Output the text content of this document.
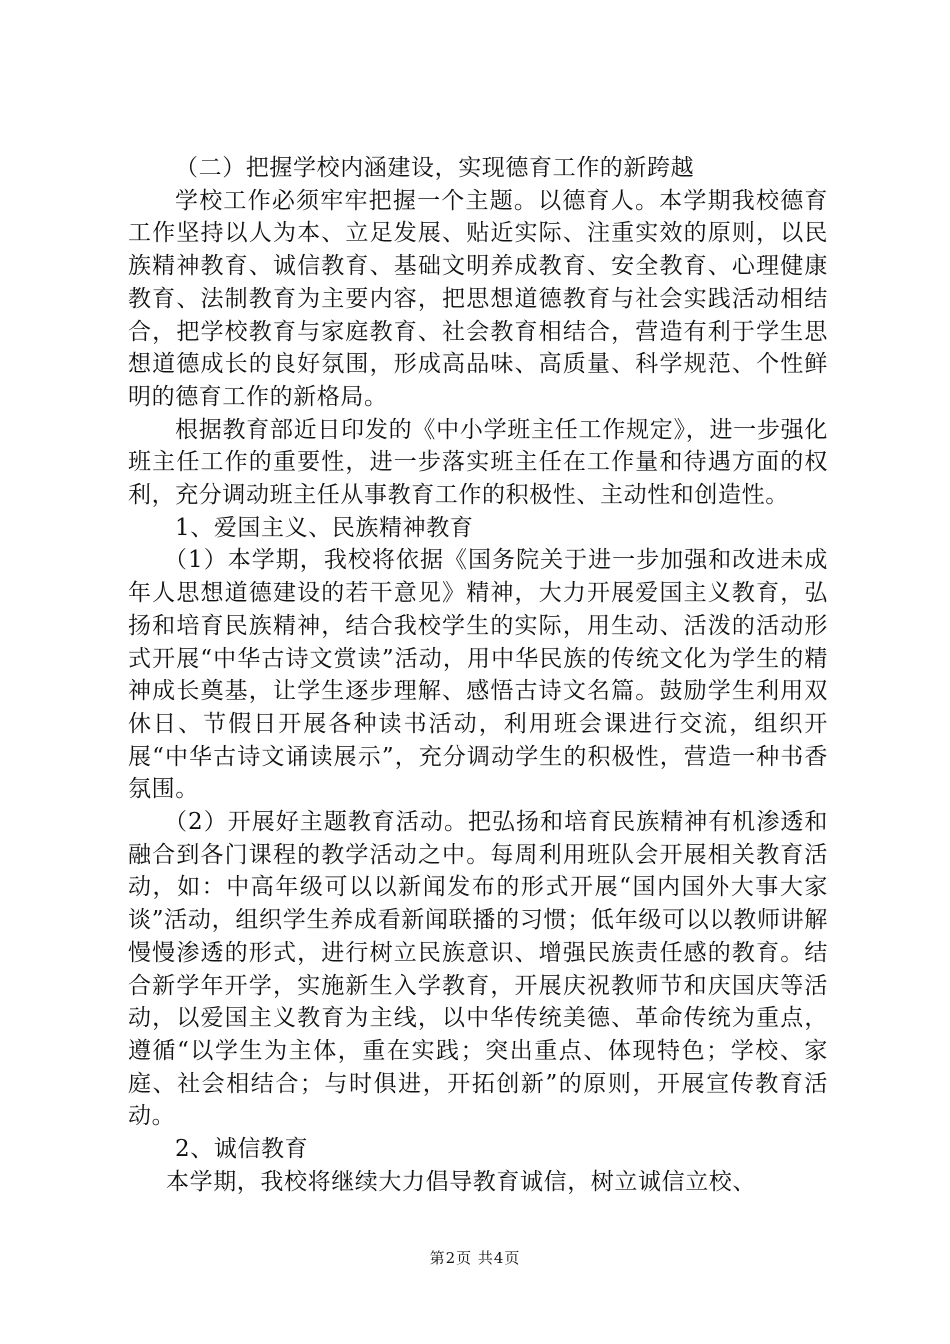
（二）把握学校内涵建设，实现德育工作的新跨越

学校工作必须牢牢把握一个主题。以德育人。本学期我校德育工作坚持以人为本、立足发展、贴近实际、注重实效的原则，以民族精神教育、诚信教育、基础文明养成教育、安全教育、心理健康教育、法制教育为主要内容，把思想道德教育与社会实践活动相结合，把学校教育与家庭教育、社会教育相结合，营造有利于学生思想道德成长的良好氛围，形成高品味、高质量、科学规范、个性鲜明的德育工作的新格局。

根据教育部近日印发的《中小学班主任工作规定》，进一步强化班主任工作的重要性，进一步落实班主任在工作量和待遇方面的权利，充分调动班主任从事教育工作的积极性、主动性和创造性。

1、爱国主义、民族精神教育

（1）本学期，我校将依据《国务院关于进一步加强和改进未成年人思想道德建设的若干意见》精神，大力开展爱国主义教育，弘扬和培育民族精神，结合我校学生的实际，用生动、活泼的活动形式开展“中华古诗文赏读”活动，用中华民族的传统文化为学生的精神成长奠基，让学生逐步理解、感悟古诗文名篇。鼓励学生利用双休日、节假日开展各种读书活动，利用班会课进行交流，组织开展“中华古诗文诵读展示”，充分调动学生的积极性，营造一种书香氛围。

（2）开展好主题教育活动。把弘扬和培育民族精神有机渗透和融合到各门课程的教学活动之中。每周利用班队会开展相关教育活动，如：中高年级可以以新闻发布的形式开展“国内国外大事大家谈”活动，组织学生养成看新闻联播的习惯；低年级可以以教师讲解慢慢渗透的形式，进行树立民族意识、增强民族责任感的教育。结合新学年开学，实施新生入学教育，开展庆祝教师节和庆国庆等活动，以爱国主义教育为主线，以中华传统美德、革命传统为重点，遵循“以学生为主体，重在实践；突出重点、体现特色；学校、家庭、社会相结合；与时俱进，开拓创新”的原则，开展宣传教育活动。

2、诚信教育

本学期，我校将继续大力倡导教育诚信，树立诚信立校、

第2页 共4页
